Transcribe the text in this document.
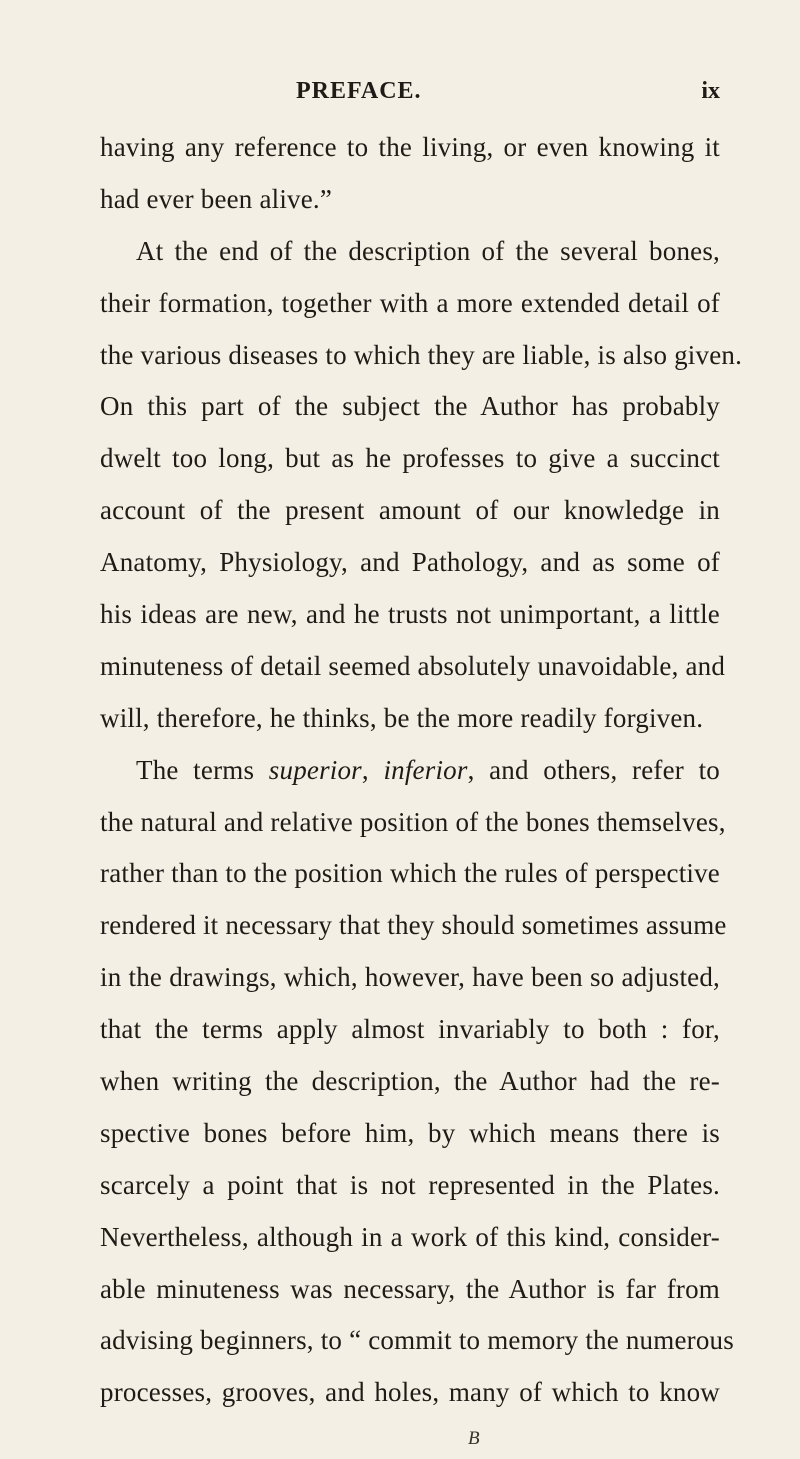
PREFACE.	ix
having any reference to the living, or even knowing it
had ever been alive.”
At the end of the description of the several bones,
their formation, together with a more extended detail of
the various diseases to which they are liable, is also given.
On this part of the subject the Author has probably
dwelt too long, but as he professes to give a succinct
account of the present amount of our knowledge in
Anatomy, Physiology, and Pathology, and as some of
his ideas are new, and he trusts not unimportant, a little
minuteness of detail seemed absolutely unavoidable, and
will, therefore, he thinks, be the more readily forgiven.
The terms superior, inferior, and others, refer to
the natural and relative position of the bones themselves,
rather than to the position which the rules of perspective
rendered it necessary that they should sometimes assume
in the drawings, which, however, have been so adjusted,
that the terms apply almost invariably to both : for,
when writing the description, the Author had the re-
spective bones before him, by which means there is
scarcely a point that is not represented in the Plates.
Nevertheless, although in a work of this kind, consider-
able minuteness was necessary, the Author is far from
advising beginners, to “ commit to memory the numerous
processes, grooves, and holes, many of which to know
B
